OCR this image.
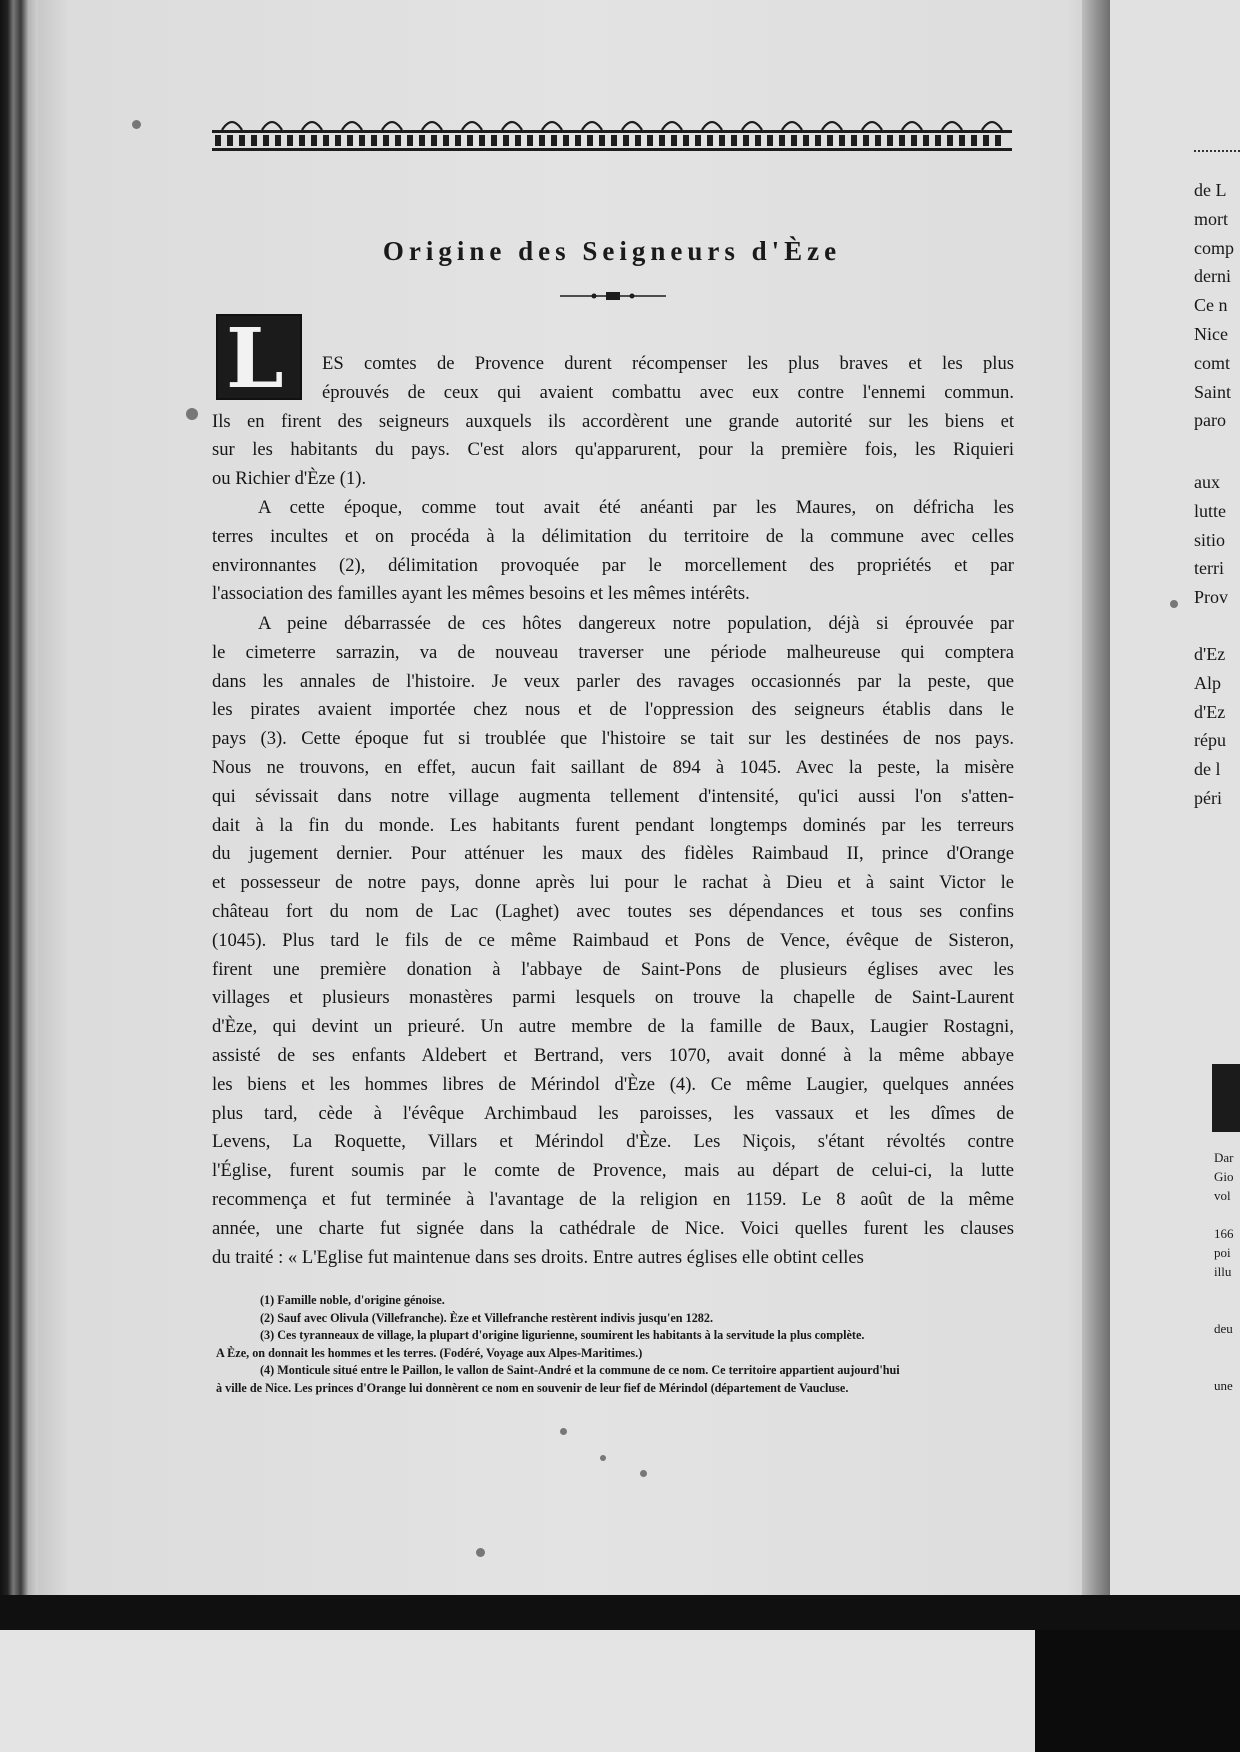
Origine des Seigneurs d'Èze
L ES comtes de Provence durent récompenser les plus braves et les plus
éprouvés de ceux qui avaient combattu avec eux contre l'ennemi commun.
Ils en firent des seigneurs auxquels ils accordèrent une grande autorité sur les biens et
sur les habitants du pays. C'est alors qu'apparurent, pour la première fois, les Riquieri
ou Richier d'Èze (1).
A cette époque, comme tout avait été anéanti par les Maures, on défricha les
terres incultes et on procéda à la délimitation du territoire de la commune avec celles
environnantes (2), délimitation provoquée par le morcellement des propriétés et par
l'association des familles ayant les mêmes besoins et les mêmes intérêts.
A peine débarrassée de ces hôtes dangereux notre population, déjà si éprouvée par
le cimeterre sarrazin, va de nouveau traverser une période malheureuse qui comptera
dans les annales de l'histoire. Je veux parler des ravages occasionnés par la peste, que
les pirates avaient importée chez nous et de l'oppression des seigneurs établis dans le
pays (3). Cette époque fut si troublée que l'histoire se tait sur les destinées de nos pays.
Nous ne trouvons, en effet, aucun fait saillant de 894 à 1045. Avec la peste, la misère
qui sévissait dans notre village augmenta tellement d'intensité, qu'ici aussi l'on s'atten-
dait à la fin du monde. Les habitants furent pendant longtemps dominés par les terreurs
du jugement dernier. Pour atténuer les maux des fidèles Raimbaud II, prince d'Orange
et possesseur de notre pays, donne après lui pour le rachat à Dieu et à saint Victor le
château fort du nom de Lac (Laghet) avec toutes ses dépendances et tous ses confins
(1045). Plus tard le fils de ce même Raimbaud et Pons de Vence, évêque de Sisteron,
firent une première donation à l'abbaye de Saint-Pons de plusieurs églises avec les
villages et plusieurs monastères parmi lesquels on trouve la chapelle de Saint-Laurent
d'Èze, qui devint un prieuré. Un autre membre de la famille de Baux, Laugier Rostagni,
assisté de ses enfants Aldebert et Bertrand, vers 1070, avait donné à la même abbaye
les biens et les hommes libres de Mérindol d'Èze (4). Ce même Laugier, quelques années
plus tard, cède à l'évêque Archimbaud les paroisses, les vassaux et les dîmes de
Levens, La Roquette, Villars et Mérindol d'Èze. Les Niçois, s'étant révoltés contre
l'Église, furent soumis par le comte de Provence, mais au départ de celui-ci, la lutte
recommença et fut terminée à l'avantage de la religion en 1159. Le 8 août de la même
année, une charte fut signée dans la cathédrale de Nice. Voici quelles furent les clauses
du traité : « L'Eglise fut maintenue dans ses droits. Entre autres églises elle obtint celles
(1) Famille noble, d'origine génoise.
(2) Sauf avec Olivula (Villefranche). Èze et Villefranche restèrent indivis jusqu'en 1282.
(3) Ces tyranneaux de village, la plupart d'origine ligurienne, soumirent les habitants à la servitude la plus complète.
A Èze, on donnait les hommes et les terres. (Fodéré, Voyage aux Alpes-Maritimes.)
(4) Monticule situé entre le Paillon, le vallon de Saint-André et la commune de ce nom. Ce territoire appartient aujourd'hui
à ville de Nice. Les princes d'Orange lui donnèrent ce nom en souvenir de leur fief de Mérindol (département de Vaucluse.
de L
mort
comp
derni
Ce n
Nice
comt
Saint
paro
aux
lutte
sitio
terri
Prov
d'Ez
Alp
d'Ez
répu
de l
péri
Dar
Gio
vol

166
poi
illu

deu

une
